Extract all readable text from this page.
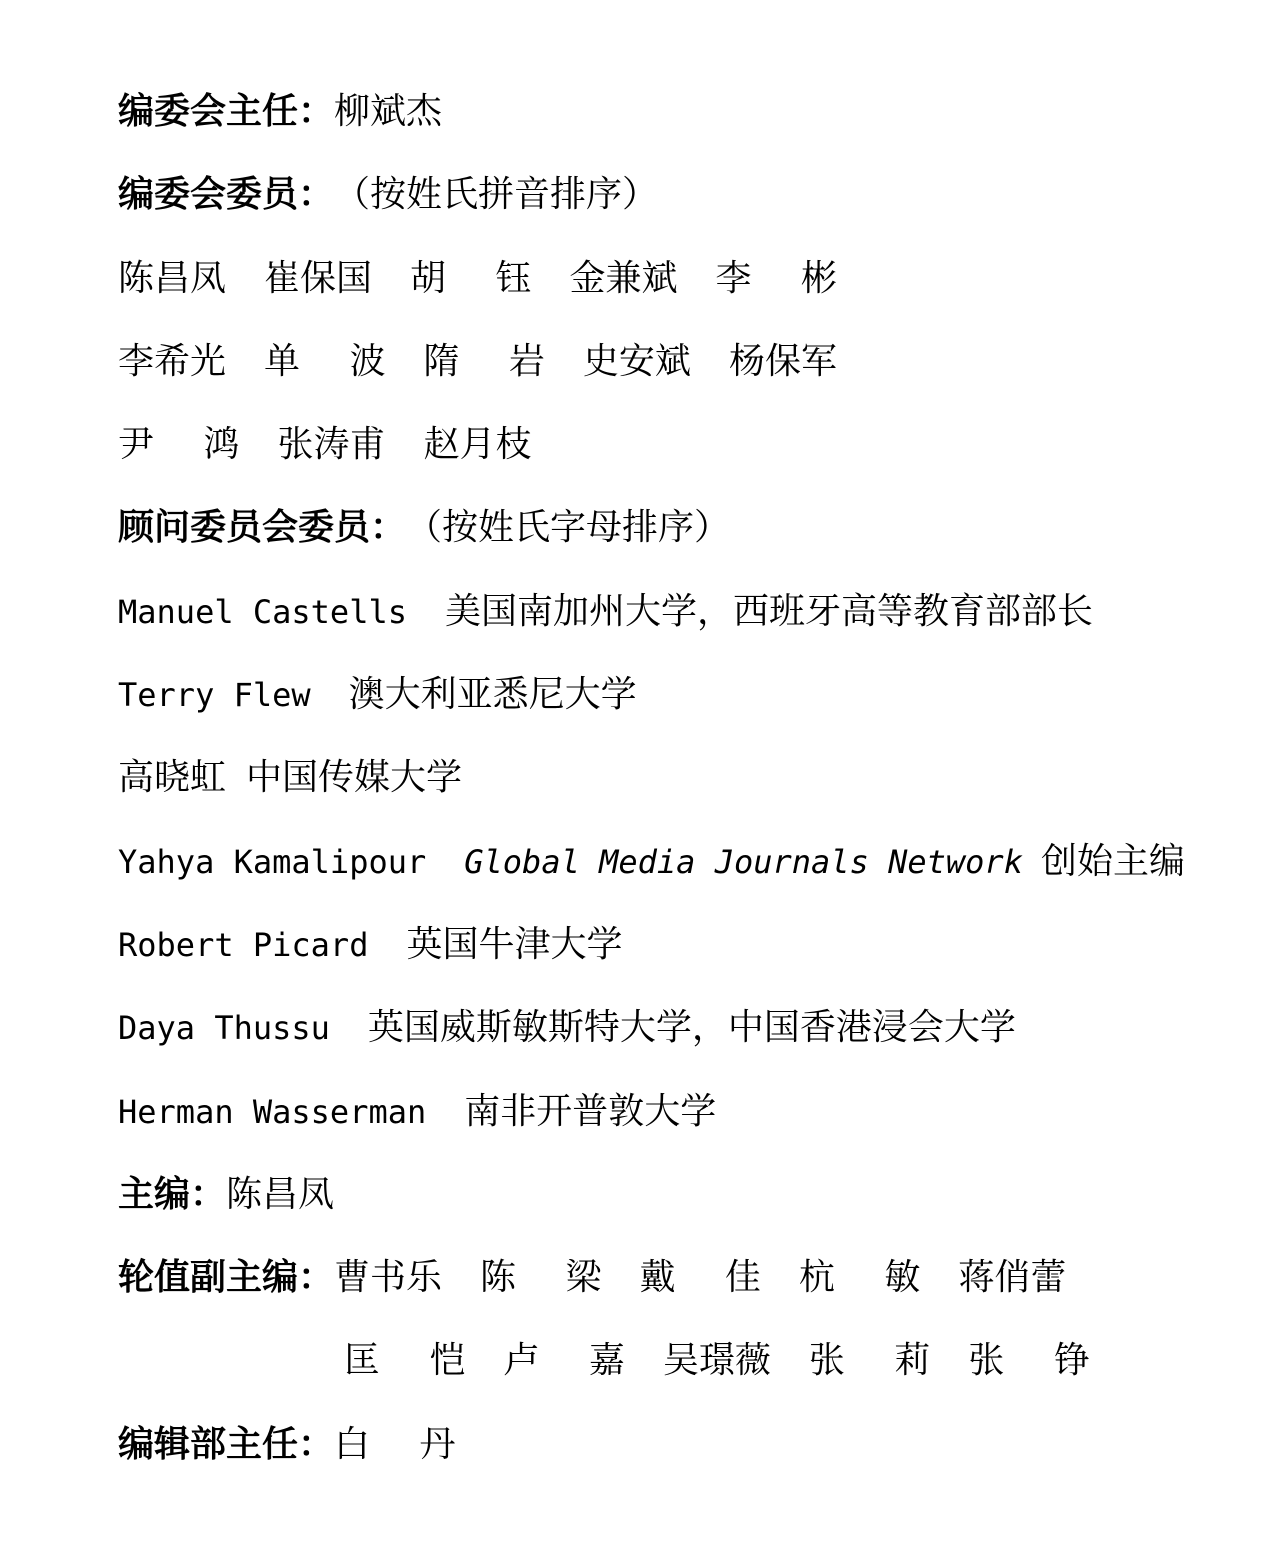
编委会主任： 柳斌杰
编委会委员： （按姓氏拼音排序）
陈昌凤 崔保国 胡 钰 金兼斌 李 彬
李希光 单 波 隋 岩 史安斌 杨保军
尹 鸿 张涛甫 赵月枝
顾问委员会委员： （按姓氏字母排序）
Manuel Castells 美国南加州大学，西班牙高等教育部部长
Terry Flew 澳大利亚悉尼大学
高晓虹 中国传媒大学
Yahya Kamalipour Global Media Journals Network 创始主编
Robert Picard 英国牛津大学
Daya Thussu 英国威斯敏斯特大学，中国香港浸会大学
Herman Wasserman 南非开普敦大学
主编： 陈昌凤
轮值副主编： 曹书乐 陈 梁 戴 佳 杭 敏 蒋俏蕾
匡 恺 卢 嘉 吴璟薇 张 莉 张 铮
编辑部主任： 白 丹
